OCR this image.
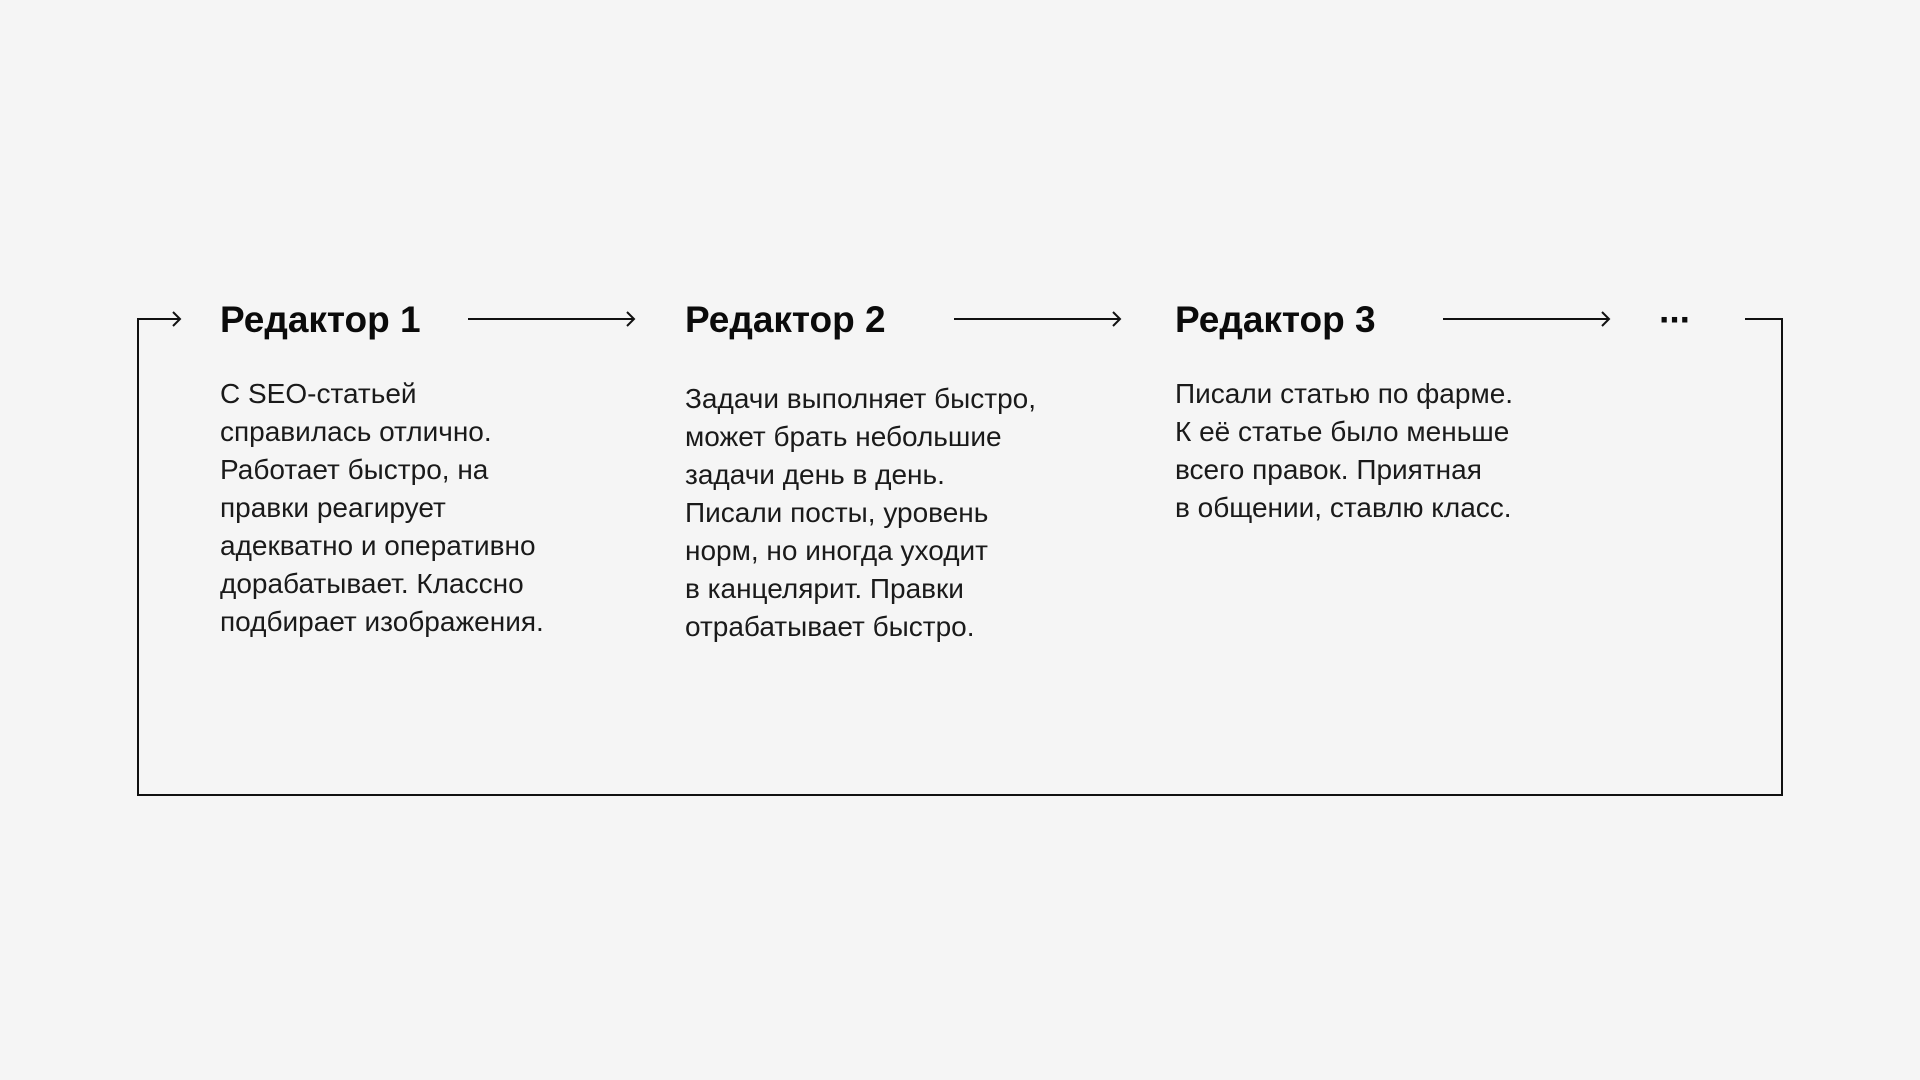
Редактор 1
С SEO-статьей
справилась отлично.
Работает быстро, на
правки реагирует
адекватно и оперативно
дорабатывает. Классно
подбирает изображения.
Редактор 2
Задачи выполняет быстро,
может брать небольшие
задачи день в день.
Писали посты, уровень
норм, но иногда уходит
в канцелярит. Правки
отрабатывает быстро.
Редактор 3
Писали статью по фарме.
К её статье было меньше
всего правок. Приятная
в общении, ставлю класс.
···
